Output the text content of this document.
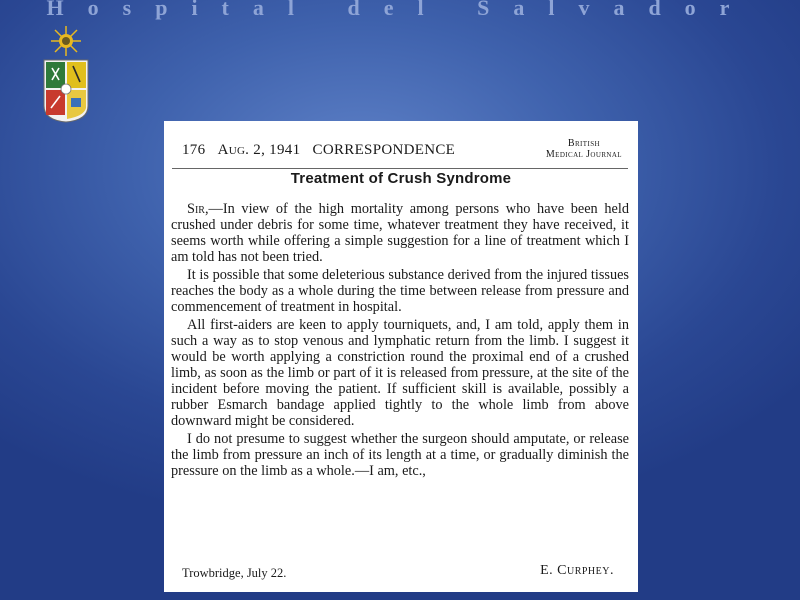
Hospital del Salvador
176 Aug. 2, 1941 CORRESPONDENCE	British
Medical Journal
Treatment of Crush Syndrome

Sir,—In view of the high mortality among persons who have been held crushed under debris for some time, whatever treatment they have received, it seems worth while offering a simple suggestion for a line of treatment which I am told has not been tried.

It is possible that some deleterious substance derived from the injured tissues reaches the body as a whole during the time between release from pressure and commencement of treatment in hospital.

All first-aiders are keen to apply tourniquets, and, I am told, apply them in such a way as to stop venous and lymphatic return from the limb. I suggest it would be worth applying a constriction round the proximal end of a crushed limb, as soon as the limb or part of it is released from pressure, at the site of the incident before moving the patient. If sufficient skill is available, possibly a rubber Esmarch bandage applied tightly to the whole limb from above downward might be considered.

I do not presume to suggest whether the surgeon should amputate, or release the limb from pressure an inch of its length at a time, or gradually diminish the pressure on the limb as a whole.—I am, etc.,

Trowbridge, July 22.	E. Curphey.
